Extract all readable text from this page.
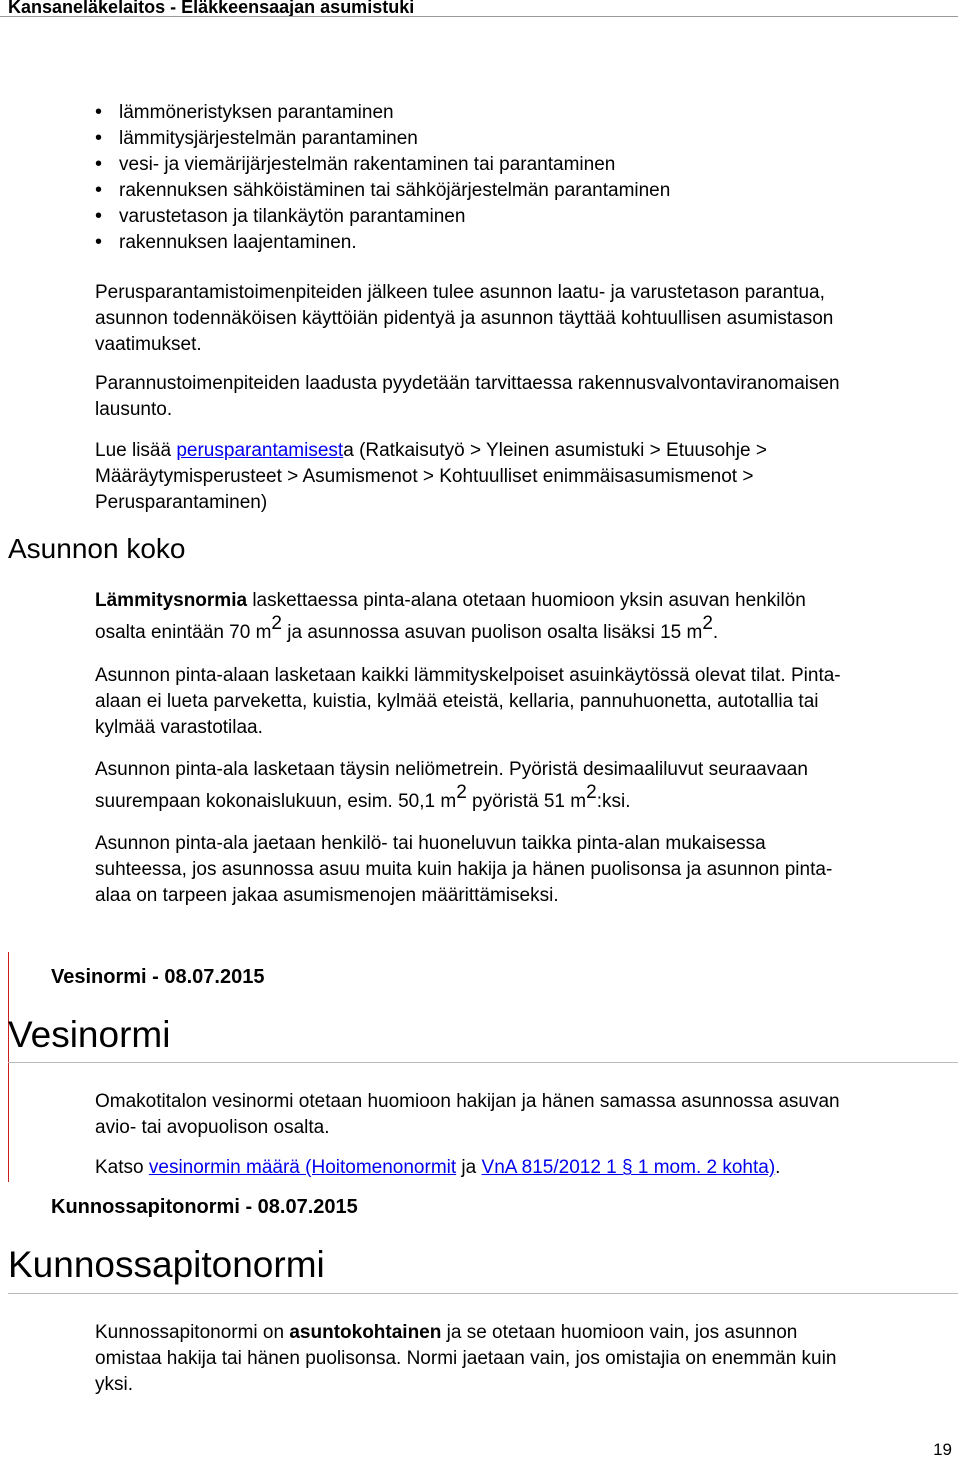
Kansaneläkelaitos - Eläkkeensaajan asumistuki
• lämmöneristyksen parantaminen
• lämmitysjärjestelmän parantaminen
• vesi- ja viemärijärjestelmän rakentaminen tai parantaminen
• rakennuksen sähköistäminen tai sähköjärjestelmän parantaminen
• varustetason ja tilankäytön parantaminen
• rakennuksen laajentaminen.
Perusparantamistoimenpiteiden jälkeen tulee asunnon laatu- ja varustetason parantua,
asunnon todennäköisen käyttöiän pidentyä ja asunnon täyttää kohtuullisen asumistason
vaatimukset.
Parannustoimenpiteiden laadusta pyydetään tarvittaessa rakennusvalvontaviranomaisen
lausunto.
Lue lisää perusparantamisesta (Ratkaisutyö > Yleinen asumistuki > Etuusohje >
Määräytymisperusteet > Asumismenot > Kohtuulliset enimmäisasumismenot >
Perusparantaminen)
Asunnon koko
Lämmitysnormia laskettaessa pinta-alana otetaan huomioon yksin asuvan henkilön
osalta enintään 70 $m^2$ ja asunnossa asuvan puolison osalta lisäksi 15 $m^2$.
Asunnon pinta-alaan lasketaan kaikki lämmityskelpoiset asuinkäytössä olevat tilat. Pinta-
alaan ei lueta parveketta, kuistia, kylmää eteistä, kellaria, pannuhuonetta, autotallia tai
kylmää varastotilaa.
Asunnon pinta-ala lasketaan täysin neliömetrein. Pyöristä desimaaliluvut seuraavaan
suurempaan kokonaislukuun, esim. 50,1 $m^2$ pyöristä 51 $m^2:ksi$.
Asunnon pinta-ala jaetaan henkilö- tai huoneluvun taikka pinta-alan mukaisessa
suhteessa, jos asunnossa asuu muita kuin hakija ja hänen puolisonsa ja asunnon pinta-
alaa on tarpeen jakaa asumismenojen määrittämiseksi.
Vesinormi - 08.07.2015
Vesinormi
Omakotitalon vesinormi otetaan huomioon hakijan ja hänen samassa asunnossa asuvan
avio- tai avopuolison osalta.
Katso vesinormin määrä (Hoitomenonormit ja VnA 815/2012 1 § 1 mom. 2 kohta).
Kunnossapitonormi - 08.07.2015
Kunnossapitonormi
Kunnossapitonormi on asuntokohtainen ja se otetaan huomioon vain, jos asunnon
omistaa hakija tai hänen puolisonsa. Normi jaetaan vain, jos omistajia on enemmän kuin
yksi.
19
